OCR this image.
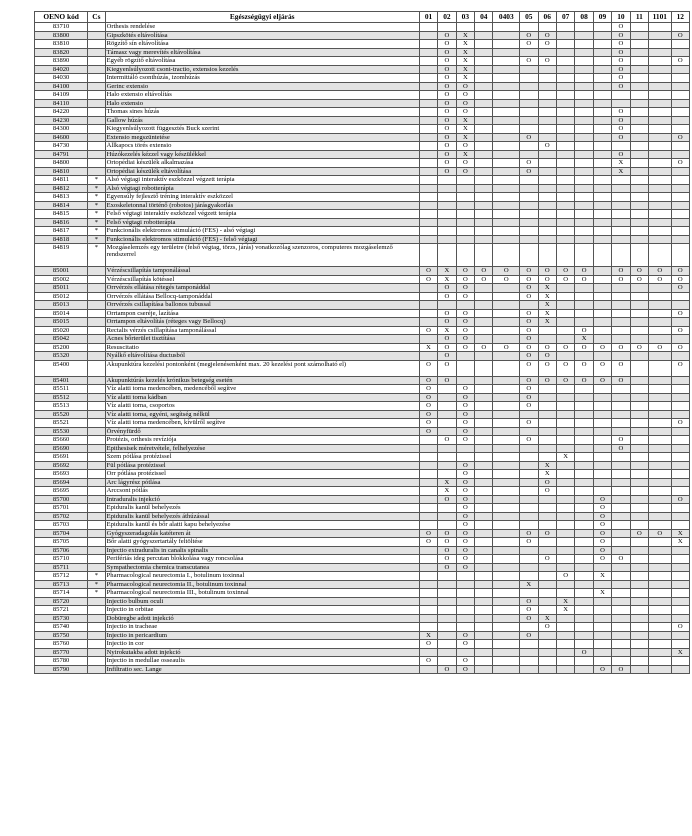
OENO kód	Cs	Egészségügyi eljárás	01	02	03	04	0403	05	06	07	08	09	10	11	1101	12
83710		Orthesis rendelése											O			
83800		Gipszkötés eltávolítása		O	X			O	O				O			O
83810		Rögzítő sín eltávolítása		O	X			O	O				O			
83820		Támasz vagy merevítés eltávolítása		O	X								O			
83890		Egyéb rögzítő eltávolítása		O	X			O	O				O			O
84020		Kiegyenlsúlyozott csont-tractio, extensios kezelés		O	X								O			
84030		Intermittáló csonthúzás, izomhúzás		O	X								O			
84100		Gerinc extensio		O	O								O			
84109		Halo extensio eltávolítás		O	O											
84110		Halo extensio		O	O											
84220		Thomas sines húzás		O	O								O			
84230		Gallow húzás		O	X								O			
84300		Kiegyenlsúlyozott függesztés Buck szerint		O	X								O			
84600		Extensio megszüntetése		O	X			O					O			O
84730		Állkapocs törés extensio		O	O				O							
84791		Húzókezelés kézzel vagy készülékkel		O	X								O			
84800		Ortopédiai készülék alkalmazása		O	O			O					X			O
84810		Ortopédiai készülék eltávolítása		O	O			O					X			
84811	*	Alsó végtagi interaktív eszközzel végzett terápia														
84812	*	Alsó végtagi robotterápia														
84813	*	Egyensúly fejlesztő tréning interaktív eszközzel														
84814	*	Exoskeletonnal történő (robotos) járásgyakorlás														
84815	*	Felső végtagi interaktív eszközzel végzett terápia														
84816	*	Felső végtagi robotterápia														
84817	*	Funkcionális elektromos stimuláció (FES) - alsó végtagi														
84818	*	Funkcionális elektromos stimuláció (FES) - felső végtagi														
84819	*	Mozgáselemzés egy területre (felső végtag, törzs, járás) vonatkozólag szenzoros, computeres mozgáselemző rendszerrel														
85001		Vérzéscsillapítás tamponálással	O	X	O	O	O	O	O	O	O		O	O	O	O
85002		Vérzéscsillapítás kötéssel	O	X	O	O	O	O	O	O	O		O	O	O	O
85011		Orrvérzés ellátása rétegés tamponáddal		O	O			O	X							O
85012		Orrvérzés ellátása Bellocq-tamponáddal		O	O			O	X							
85013		Orrvérzés csillapítása ballonos tubussal							X							
85014		Orrtampon cseréje, lazítása		O	O			O	X							O
85015		Orrtampon eltávolítás (réteges vagy Bellocq)		O	O			O	X							
85020		Rectalis vérzés csillapítása tamponálással	O	X	O			O			O					O
85042		Acnes bőrterület tisztítása		O	O			O			X					
85200		Resuscitatio	X	O	O	O	O	O	O	O	O	O	O	O	O	O
85320		Nyálkő eltávolítása ductusból		O				O	O							
85400		Akupunktúra kezelési pontonként (megjelenésenként max. 20 kezelési pont számolható el)	O	O				O	O	O	O	O	O			O
85401		Akupunktúrás kezelés krónikus betegség esetén	O	O				O	O	O	O	O	O			
85511		Víz alatti torna medencében, medencéből segítve	O		O			O								
85512		Víz alatti torna kádban	O		O			O								
85513		Víz alatti torna, csoportos	O		O			O								
85520		Víz alatti torna, egyéni, segítség nélkül	O		O											
85521		Víz alatti torna medencében, kívülről segítve	O		O			O								O
85530		Örvényfürdő	O		O											
85660		Protézis, orthesis revíziója		O	O			O					O			
85690		Epithesisek méretvétele, felhelyezése											O			
85691		Szem pótlása protézissel								X						
85692		Fül pótlása protézissel			O				X							
85693		Orr pótlása protézissel			O				X							
85694		Arc lágyrész pótlása		X	O				O							
85695		Arccsont pótlás		X	O				O							
85700		Intraduralis injekció		O	O							O				O
85701		Epiduralis kanül behelyezés			O							O				
85702		Epiduralis kanül behelyezés áthúzással			O							O				
85703		Epiduralis kanül és bőr alatti kapu behelyezése			O							O				
85704		Gyógyszeradagolás katéteren át	O	O	O			O	O			O		O	O	X
85705		Bőr alatti gyógyszertartály feltöltése	O	O	O			O				O				X
85706		Injectio extraduralis in canalis spinalis		O	O							O				
85710		Perifériás ideg percutan blokkolása vagy roncsolása		O	O				O			O	O			
85711		Sympathectomia chemica transcutanea		O	O											
85712	*	Pharmacological neurectomia I., botulinum toxinnal								O		X				
85713	*	Pharmacological neurectomia II., botulinum toxinnal						X								
85714	*	Pharmacological neurectomia III., botulinum toxinnal										X				
85720		Injectio bulbum oculi						O		X						
85721		Injectio in orbitae						O		X						
85730		Dobüregbe adott injekció						O	X							
85740		Injectio in tracheae							O							O
85750		Injectio in pericardium	X		O			O								
85760		Injectio in cor	O		O											
85770		Nyirokutakba adott injekció									O					X
85780		Injectio in medullae osseaulis	O		O											
85790		Infiltratio sec. Lange		O	O							O	O			
